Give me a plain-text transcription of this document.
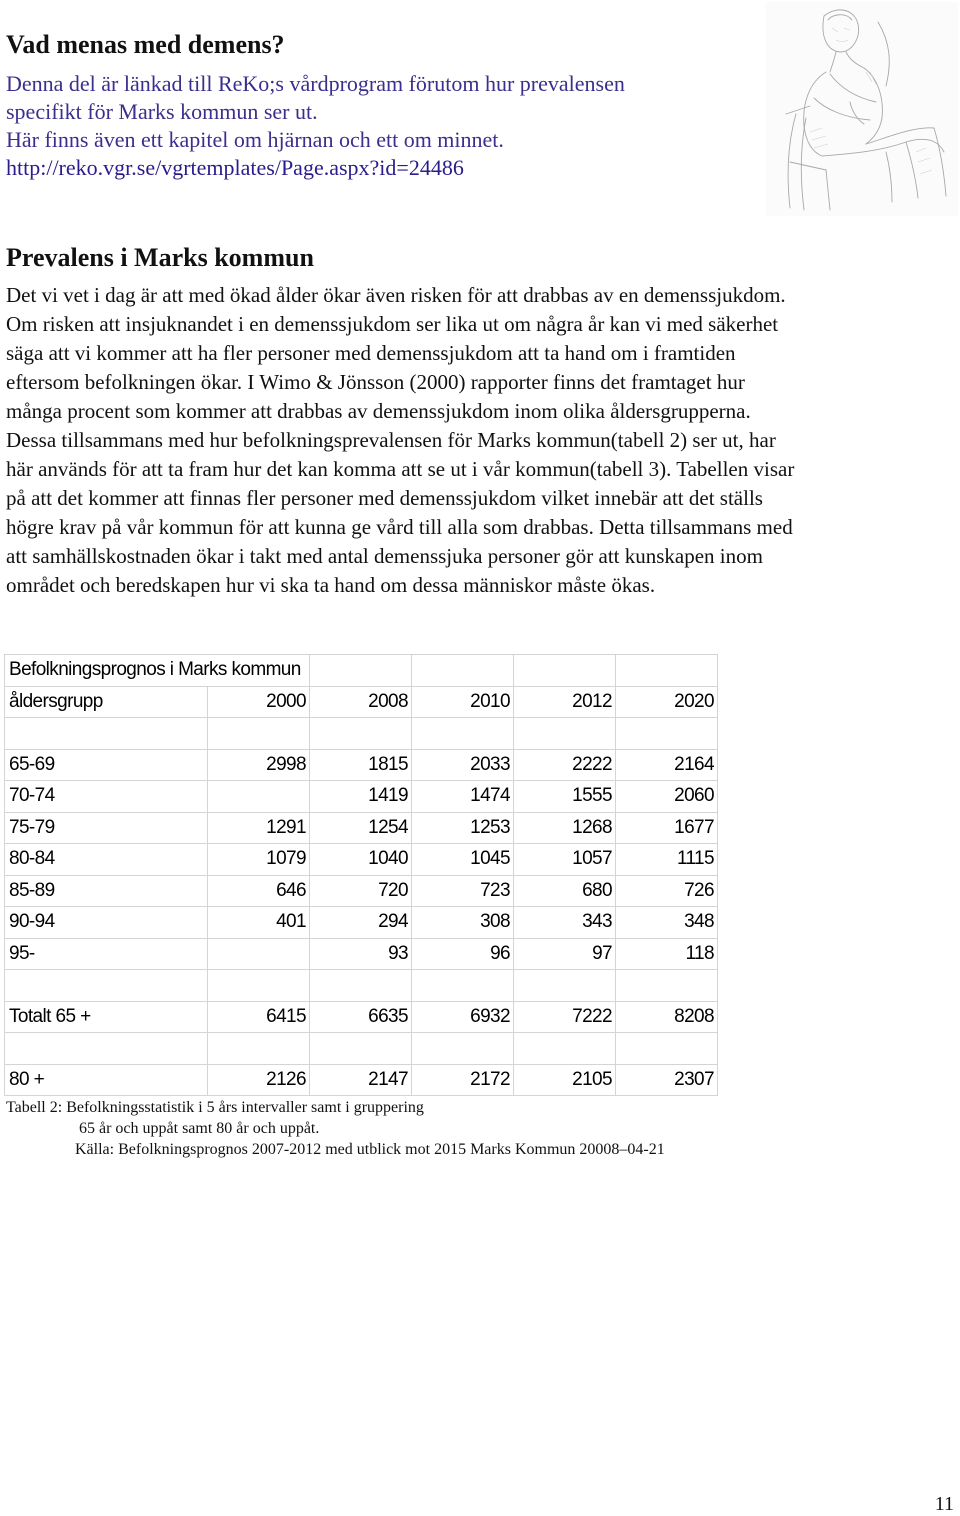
Vad menas med demens?
Denna del är länkad till ReKo;s vårdprogram förutom hur prevalensen
specifikt för Marks kommun ser ut.
Här finns även ett kapitel om hjärnan och ett om minnet.
http://reko.vgr.se/vgrtemplates/Page.aspx?id=24486
Prevalens i Marks kommun
Det vi vet i dag är att med ökad ålder ökar även risken för att drabbas av en demenssjukdom.
Om risken att insjuknandet i en demenssjukdom ser lika ut om några år kan vi med säkerhet
säga att vi kommer att ha fler personer med demenssjukdom att ta hand om i framtiden
eftersom befolkningen ökar. I Wimo & Jönsson (2000) rapporter finns det framtaget hur
många procent som kommer att drabbas av demenssjukdom inom olika åldersgrupperna.
Dessa tillsammans med hur befolkningsprevalensen för Marks kommun(tabell 2) ser ut, har
här används för att ta fram hur det kan komma att se ut i vår kommun(tabell 3). Tabellen visar
på att det kommer att finnas fler personer med demenssjukdom vilket innebär att det ställs
högre krav på vår kommun för att kunna ge vård till alla som drabbas. Detta tillsammans med
att samhällskostnaden ökar i takt med antal demenssjuka personer gör att kunskapen inom
området och beredskapen hur vi ska ta hand om dessa människor måste ökas.
Befolkningsprognos i Marks kommun					
åldersgrupp	2000	2008	2010	2012	2020

65-69	2998	1815	2033	2222	2164
70-74		1419	1474	1555	2060
75-79	1291	1254	1253	1268	1677
80-84	1079	1040	1045	1057	1115
85-89	646	720	723	680	726
90-94	401	294	308	343	348
95-		93	96	97	118

Totalt 65 +	6415	6635	6932	7222	8208

80 +	2126	2147	2172	2105	2307
Tabell 2: Befolkningsstatistik i 5 års intervaller samt i gruppering
65 år och uppåt samt 80 år och uppåt.
Källa: Befolkningsprognos 2007-2012 med utblick mot 2015 Marks Kommun 20008–04-21
11
